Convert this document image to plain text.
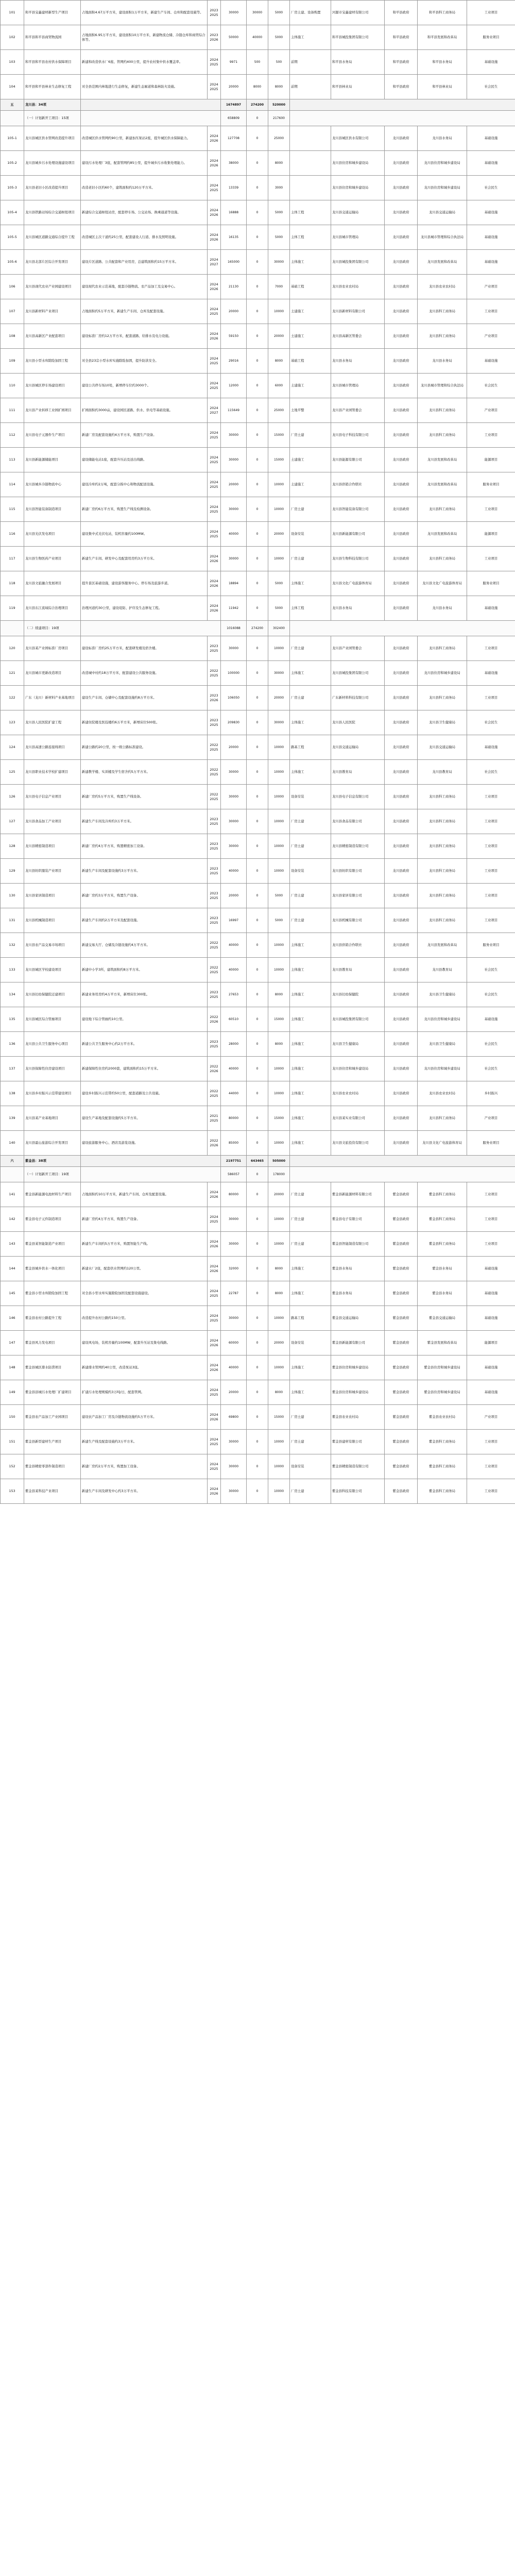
101	和平县宝鑫建材新型生产项目	占地面积4.67万平方米，建设面积1万平方米，新建生产车间、仓库和配套设施等。	2023
2025	30000	30000	5000	厂房土建、设备购置	河源市宝鑫建材有限公司	和平县政府	和平县科工商务局	工业项目
102	和平县和平县商贸物流园	占地面积6.95万平方米，建设面积10万平方米，新建物流仓储、冷链仓库和商贸综合体等。	2023
2026	50000	40000	5000	主体施工	和平县城投集团有限公司	和平县政府	和平县发展和改革局	服务业项目
103	和平县和平县农村供水保障项目	新建和改造供水厂6座、管网约400公里，提升农村集中供水覆盖率。	2024
2025	9971	500	500	前期	和平县水务局	和平县政府	和平县水务局	基础设施
104	和平县和平县林业生态修复工程	对全县范围内林地进行生态修复，新建生态廊道和森林防火设施。	2024
2025	20000	8000	8000	前期	和平县林业局	和平县政府	和平县林业局	社会民生
五	龙川县：34项			1674897	274200	520000					
	（一）计划新开工项目：15项			658809	0	217600					
105-1	龙川县城区供水管网改造提升项目	改造城区供水管网约90公里，新建加压泵站2座，提升城区供水保障能力。	2024
2026	127708	0	25000		龙川县城区供水有限公司	龙川县政府	龙川县水务局	基础设施
105-2	龙川县城乡污水处理设施建设项目	建设污水处理厂3座，配套管网约85公里，提升城乡污水收集处理能力。	2024
2026	38000	0	8000		龙川县住房和城乡建设局	龙川县政府	龙川县住房和城乡建设局	基础设施
105-3	龙川县老旧小区改造提升项目	改造老旧小区约60个，建筑面积约120万平方米。	2024
2025	13339	0	3000		龙川县住房和城乡建设局	龙川县政府	龙川县住房和城乡建设局	社会民生
105-4	龙川县铁路站场综合交通枢纽项目	新建综合交通枢纽站房，配套停车场、公交站场、换乘通道等设施。	2024
2026	16888	0	5000	主体工程	龙川县交通运输局	龙川县政府	龙川县交通运输局	基础设施
105-5	龙川县城区道路交通综合提升工程	改造城区主次干道约25公里，配套建设人行道、排水及照明设施。	2024
2026	16135	0	5000	主体工程	龙川县城市管理局	龙川县政府	龙川县城市管理和综合执法局	基础设施
105-6	龙川县北部片区综合开发项目	建设片区道路、公共配套和产业用房，总建筑面积约15万平方米。	2024
2027	165000	0	30000	主体施工	龙川县城投集团有限公司	龙川县政府	龙川县发展和改革局	基础设施
106	龙川县现代农业产业园建设项目	建设现代农业示范基地，配套冷链物流、农产品加工及交易中心。	2024
2026	21130	0	7000	基础工程	龙川县农业农村局	龙川县政府	龙川县农业农村局	产业项目
107	龙川县新材料产业项目	占地面积约5万平方米，新建生产车间、仓库及配套设施。	2024
2025	20000	0	10000	土建施工	龙川县新材料有限公司	龙川县政府	龙川县科工商务局	工业项目
108	龙川县高新区产业配套项目	建设标准厂房约12万平方米，配套道路、给排水及电力设施。	2024
2026	59150	0	20000	土建施工	龙川县高新区管委会	龙川县政府	龙川县科工商务局	产业项目
109	龙川县小型水库除险加固工程	对全县23宗小型水库实施除险加固，提升防洪安全。	2024
2025	29016	0	8000	基础工程	龙川县水务局	龙川县政府	龙川县水务局	基础设施
110	龙川县城区停车场建设项目	建设公共停车场10处，新增停车位约3000个。	2024
2025	12000	0	6000	土建施工	龙川县城市管理局	龙川县政府	龙川县城市管理和综合执法局	社会民生
111	龙川县产业转移工业园扩园项目	扩园面积约3000亩，建设园区道路、供水、供电等基础设施。	2024
2027	115649	0	25000	土地平整	龙川县产业园管委会	龙川县政府	龙川县科工商务局	产业项目
112	龙川县电子元器件生产项目	新建厂房及配套设施约4万平方米，购置生产设备。	2024
2025	30000	0	15000	厂房土建	龙川县电子科技有限公司	龙川县政府	龙川县科工商务局	工业项目
113	龙川县新能源储能项目	建设储能电站1座，配套升压站及送出线路。	2024
2025	30000	0	15000	土建施工	龙川县能源有限公司	龙川县政府	龙川县发展和改革局	能源项目
114	龙川县城乡冷链物流中心	建设冷库约2万吨，配套分拣中心和物流配送设施。	2024
2025	20000	0	10000	土建施工	龙川县供销合作联社	龙川县政府	龙川县发展和改革局	服务业项目
115	龙川县智能装备制造项目	新建厂房约6万平方米，购置生产线及检测设备。	2024
2025	30000	0	10000	厂房土建	龙川县智能装备有限公司	龙川县政府	龙川县科工商务局	工业项目
116	龙川县光伏发电项目	建设集中式光伏电站，装机容量约100MW。	2024
2025	40000	0	20000	设备安装	龙川县新能源有限公司	龙川县政府	龙川县发展和改革局	能源项目
117	龙川县生物医药产业项目	新建生产车间、研发中心及配套用房约3万平方米。	2024
2026	30000	0	10000	厂房土建	龙川县生物科技有限公司	龙川县政府	龙川县科工商务局	工业项目
118	龙川县文旅融合发展项目	提升景区基础设施，建设游客服务中心、停车场及旅游步道。	2024
2026	18894	0	5000	主体施工	龙川县文化广电旅游体育局	龙川县政府	龙川县文化广电旅游体育局	服务业项目
119	龙川县东江流域综合治理项目	治理河道约30公里，建设堤防、护岸及生态修复工程。	2024
2026	11942	0	5000	主体工程	龙川县水务局	龙川县政府	龙川县水务局	基础设施
	（二）续建项目：19项			1016088	274200	302400					
120	龙川县某产业园标准厂房项目	建设标准厂房约25万平方米，配套研发楼及宿舍楼。	2023
2025	30000	0	10000	厂房土建	龙川县产业园管委会	龙川县政府	龙川县科工商务局	工业项目
121	龙川县城市更新改造项目	改造城中村约18万平方米，配套建设公共服务设施。	2022
2025	100000	0	30000	主体施工	龙川县城投集团有限公司	龙川县政府	龙川县住房和城乡建设局	基础设施
122	广东（龙川）新材料产业基地项目	建设生产车间、仓储中心及配套设施约8万平方米。	2023
2026	106050	0	20000	厂房土建	广东新材料科技有限公司	龙川县政府	龙川县科工商务局	工业项目
123	龙川县人民医院扩建工程	新建住院楼及医技楼约6万平方米，新增床位500张。	2023
2025	209830	0	30000	主体施工	龙川县人民医院	龙川县政府	龙川县卫生健康局	社会民生
124	龙川县高速公路连接线项目	新建公路约20公里，按一级公路标准建设。	2022
2025	20000	0	10000	路基工程	龙川县交通运输局	龙川县政府	龙川县交通运输局	基础设施
125	龙川县职业技术学校扩建项目	新建教学楼、实训楼及学生宿舍约5万平方米。	2022
2025	30000	0	10000	主体施工	龙川县教育局	龙川县政府	龙川县教育局	社会民生
126	龙川县电子信息产业项目	新建厂房约5万平方米，购置生产线设备。	2022
2025	30000	0	10000	设备安装	龙川县电子信息有限公司	龙川县政府	龙川县科工商务局	工业项目
127	龙川县食品加工产业项目	新建生产车间及冷库约3万平方米。	2023
2025	30000	0	10000	厂房土建	龙川县食品有限公司	龙川县政府	龙川县科工商务局	工业项目
128	龙川县精密制造项目	新建厂房约4万平方米，购置精密加工设备。	2023
2025	30000	0	10000	厂房土建	龙川县精密制造有限公司	龙川县政府	龙川县科工商务局	工业项目
129	龙川县纺织服装产业项目	新建生产车间及配套设施约3万平方米。	2023
2025	40000	0	10000	设备安装	龙川县纺织有限公司	龙川县政府	龙川县科工商务局	工业项目
130	龙川县家居制造项目	新建厂房约3万平方米，购置生产设备。	2023
2025	20000	0	5000	厂房土建	龙川县家居有限公司	龙川县政府	龙川县科工商务局	工业项目
131	龙川县机械制造项目	新建生产车间约2万平方米及配套设施。	2023
2025	16997	0	5000	厂房土建	龙川县机械有限公司	龙川县政府	龙川县科工商务局	工业项目
132	龙川县农产品交易市场项目	新建交易大厅、仓储及冷链设施约4万平方米。	2022
2025	40000	0	10000	主体施工	龙川县供销合作联社	龙川县政府	龙川县发展和改革局	服务业项目
133	龙川县城区学校建设项目	新建中小学3所，建筑面积约8万平方米。	2022
2025	40000	0	10000	主体施工	龙川县教育局	龙川县政府	龙川县教育局	社会民生
134	龙川县妇幼保健院迁建项目	新建业务用房约4万平方米，新增床位300张。	2023
2025	27653	0	8000	主体施工	龙川县妇幼保健院	龙川县政府	龙川县卫生健康局	社会民生
135	龙川县城区综合管廊项目	建设地下综合管廊约10公里。	2022
2026	60510	0	15000	主体施工	龙川县城投集团有限公司	龙川县政府	龙川县住房和城乡建设局	基础设施
136	龙川县公共卫生服务中心项目	新建公共卫生服务中心约2万平方米。	2023
2025	28000	0	8000	主体施工	龙川县卫生健康局	龙川县政府	龙川县卫生健康局	社会民生
137	龙川县保障性住房建设项目	新建保障性住房约2000套，建筑面积约15万平方米。	2022
2026	40000	0	10000	主体施工	龙川县住房和城乡建设局	龙川县政府	龙川县住房和城乡建设局	社会民生
138	龙川县乡村振兴示范带建设项目	建设乡村振兴示范带约50公里，配套道路及公共设施。	2022
2025	44000	0	10000	主体施工	龙川县农业农村局	龙川县政府	龙川县农业农村局	乡村振兴
139	龙川县某产业基地项目	建设生产基地及配套设施约5万平方米。	2021
2025	80000	0	15000	主体施工	龙川县某实业有限公司	龙川县政府	龙川县科工商务局	产业项目
140	龙川县霍山旅游综合开发项目	建设旅游服务中心、酒店及游览设施。	2022
2026	85000	0	10000	主体施工	龙川县文旅投资有限公司	龙川县政府	龙川县文化广电旅游体育局	服务业项目
六	紫金县：38项			2197751	643465	505000					
	（一）计划新开工项目：19项			586057	0	178000					
141	紫金县新能源电池材料生产项目	占地面积约10万平方米，新建生产车间、仓库及配套设施。	2024
2026	80000	0	20000	厂房土建	紫金县新能源材料有限公司	紫金县政府	紫金县科工商务局	工业项目
142	紫金县电子元件制造项目	新建厂房约4万平方米，购置生产设备。	2024
2025	30000	0	10000	厂房土建	紫金县电子有限公司	紫金县政府	紫金县科工商务局	工业项目
143	紫金县某智能制造产业项目	新建生产车间约5万平方米，购置智能生产线。	2024
2026	30000	0	10000	厂房土建	紫金县智能制造有限公司	紫金县政府	紫金县科工商务局	工业项目
144	紫金县城乡供水一体化项目	新建水厂2座，配套供水管网约120公里。	2024
2026	32000	0	8000	主体施工	紫金县水务局	紫金县政府	紫金县水务局	基础设施
145	紫金县小型水库除险加固工程	对全县小型水库实施除险加固及配套设施建设。	2024
2025	22787	0	8000	主体施工	紫金县水务局	紫金县政府	紫金县水务局	基础设施
146	紫金县农村公路提升工程	改造提升农村公路约150公里。	2024
2025	30000	0	10000	路基工程	紫金县交通运输局	紫金县政府	紫金县交通运输局	基础设施
147	紫金县风力发电项目	建设风电场，装机容量约100MW，配套升压站及集电线路。	2024
2026	60000	0	20000	设备安装	紫金县新能源有限公司	紫金县政府	紫金县发展和改革局	能源项目
148	紫金县城区排水防涝项目	新建排水管网约40公里，改造泵站3座。	2024
2026	40000	0	10000	主体施工	紫金县住房和城乡建设局	紫金县政府	紫金县住房和城乡建设局	基础设施
149	紫金县县城污水处理厂扩建项目	扩建污水处理规模约3万吨/日，配套管网。	2024
2025	20000	0	8000	主体施工	紫金县住房和城乡建设局	紫金县政府	紫金县住房和城乡建设局	基础设施
150	紫金县农产品加工产业园项目	建设农产品加工厂房及冷链物流设施约5万平方米。	2024
2026	69800	0	15000	厂房土建	紫金县农业农村局	紫金县政府	紫金县农业农村局	产业项目
151	紫金县新型建材生产项目	新建生产线及配套设施约3万平方米。	2024
2025	30000	0	10000	厂房土建	紫金县建材有限公司	紫金县政府	紫金县科工商务局	工业项目
152	紫金县精密零部件制造项目	新建厂房约2万平方米，购置加工设备。	2024
2025	30000	0	10000	设备安装	紫金县精密制造有限公司	紫金县政府	紫金县科工商务局	工业项目
153	紫金县某科技产业项目	新建生产车间及研发中心约3万平方米。	2024
2026	30000	0	10000	厂房土建	紫金县科技有限公司	紫金县政府	紫金县科工商务局	工业项目
